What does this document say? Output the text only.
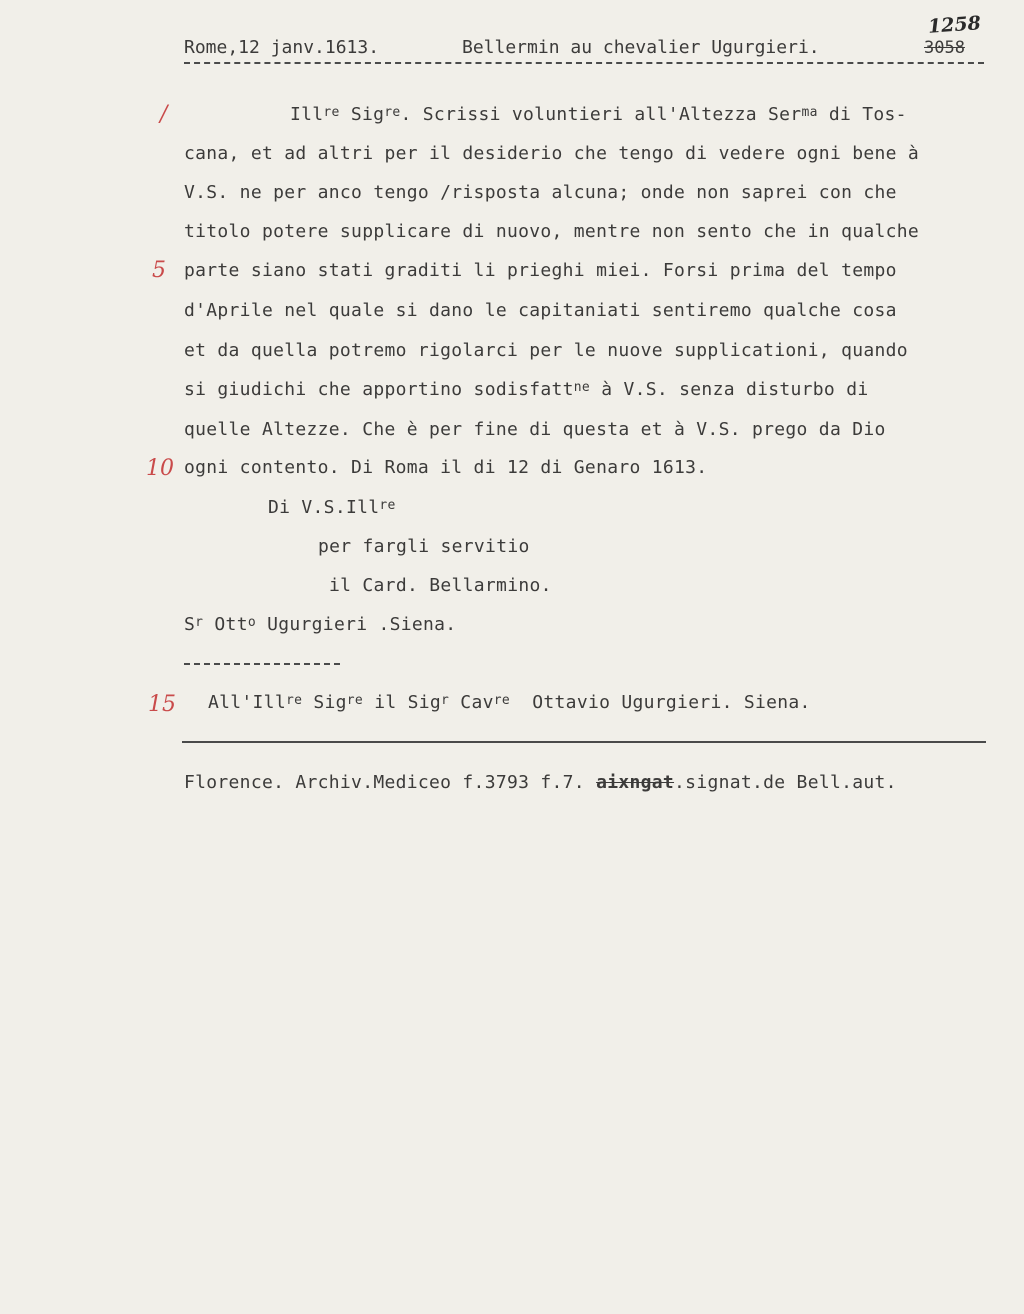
1258
Rome,12 janv.1613.	Bellermin au chevalier Ugurgieri.	3058
/
5
10
15
Ill$^{re}$ Sig$^{re}$. Scrissi voluntieri all'Altezza Ser$^{ma}$ di Tos-
cana, et ad altri per il desiderio che tengo di vedere ogni bene à
V.S. ne per anco tengo /risposta alcuna; onde non saprei con che
titolo potere supplicare di nuovo, mentre non sento che in qualche
parte siano stati graditi li prieghi miei. Forsi prima del tempo
d'Aprile nel quale si dano le capitaniati sentiremo qualche cosa
et da quella potremo rigolarci per le nuove supplicationi, quando
si giudichi che apportino sodisfatt$^{ne}$ à V.S. senza disturbo di
quelle Altezze. Che è per fine di questa et à V.S. prego da Dio
ogni contento. Di Roma il di 12 di Genaro 1613.
Di V.S.Ill$^{re}$
per fargli servitio
il Card. Bellarmino.
$S^r$ Ott$^o$ Ugurgieri .Siena.
All'Ill$^{re}$ Sig$^{re}$ il Sig$^r$ Cav$^{re}$  Ottavio Ugurgieri. Siena.
Florence. Archiv.Mediceo f.3793 f.7. aixngat.signat.de Bell.aut.
